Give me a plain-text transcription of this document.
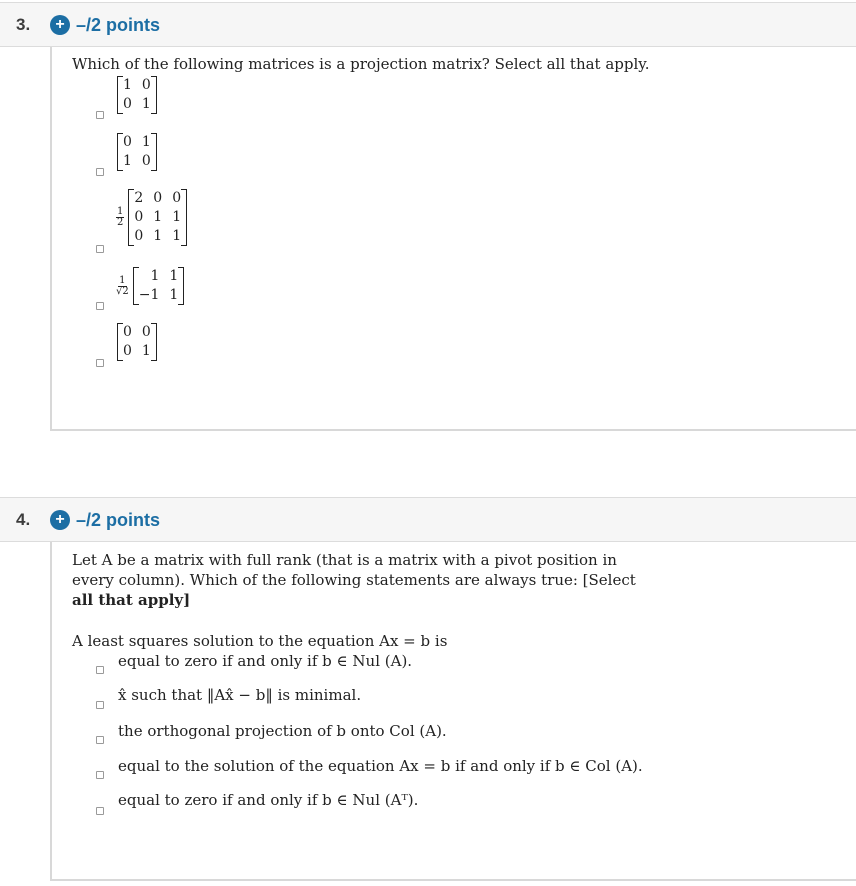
3.	+ –/2 points
Which of the following matrices is a projection matrix? Select all that apply.
1 0
0 1
0 1
1 0
1
2
2 0 0
0 1 1
0 1 1
1
√2
1 1
−1 1
0 0
0 1
4.	+ –/2 points
Let A be a matrix with full rank (that is a matrix with a pivot position in
every column). Which of the following statements are always true: [Select
all that apply]
A least squares solution to the equation Ax = b is
equal to zero if and only if b ∈ Nul (A).
x̂ such that ‖Ax̂ − b‖ is minimal.
the orthogonal projection of b onto Col (A).
equal to the solution of the equation Ax = b if and only if b ∈ Col (A).
equal to zero if and only if b ∈ Nul (Aᵀ).
